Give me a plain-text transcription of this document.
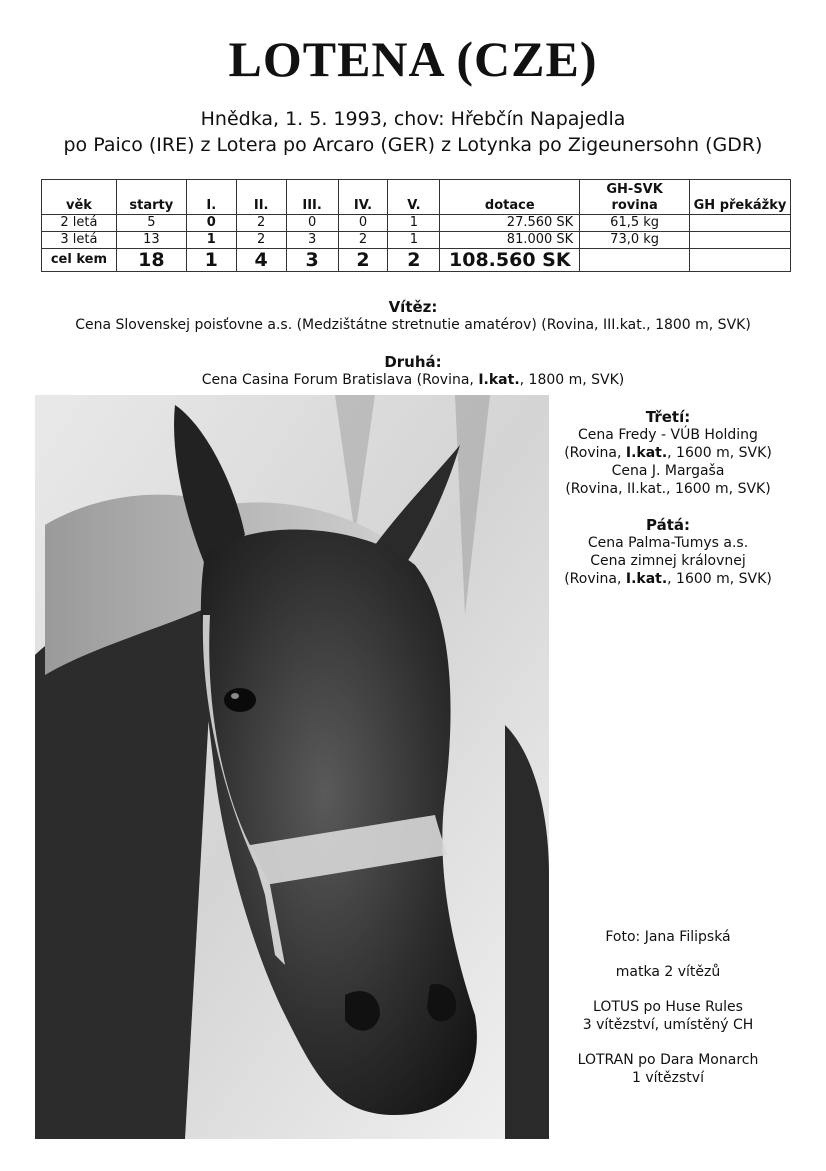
LOTENA (CZE)
Hnědka, 1. 5. 1993, chov: Hřebčín Napajedla
po Paico (IRE) z Lotera po Arcaro (GER) z Lotynka po Zigeunersohn (GDR)
věk	starty	I.	II.	III.	IV.	V.	dotace	GH-SVK rovina	GH překážky
2 letá	5	0	2	0	0	1	27.560 SK	61,5 kg	
3 letá	13	1	2	3	2	1	81.000 SK	73,0 kg	
cel kem	18	1	4	3	2	2	108.560 SK		
Vítěz:
Cena Slovenskej poisťovne a.s. (Medzištátne stretnutie amatérov) (Rovina, III.kat., 1800 m, SVK)
Druhá:
Cena Casina Forum Bratislava (Rovina, I.kat., 1800 m, SVK)
Třetí:
Cena Fredy - VÚB Holding
(Rovina, I.kat., 1600 m, SVK)
Cena J. Margaša
(Rovina, II.kat., 1600 m, SVK)
Pátá:
Cena Palma-Tumys a.s.
Cena zimnej královnej
(Rovina, I.kat., 1600 m, SVK)

Foto: Jana Filipská

matka 2 vítězů

LOTUS po Huse Rules
3 vítězství, umístěný CH

LOTRAN po Dara Monarch
1 vítězství
